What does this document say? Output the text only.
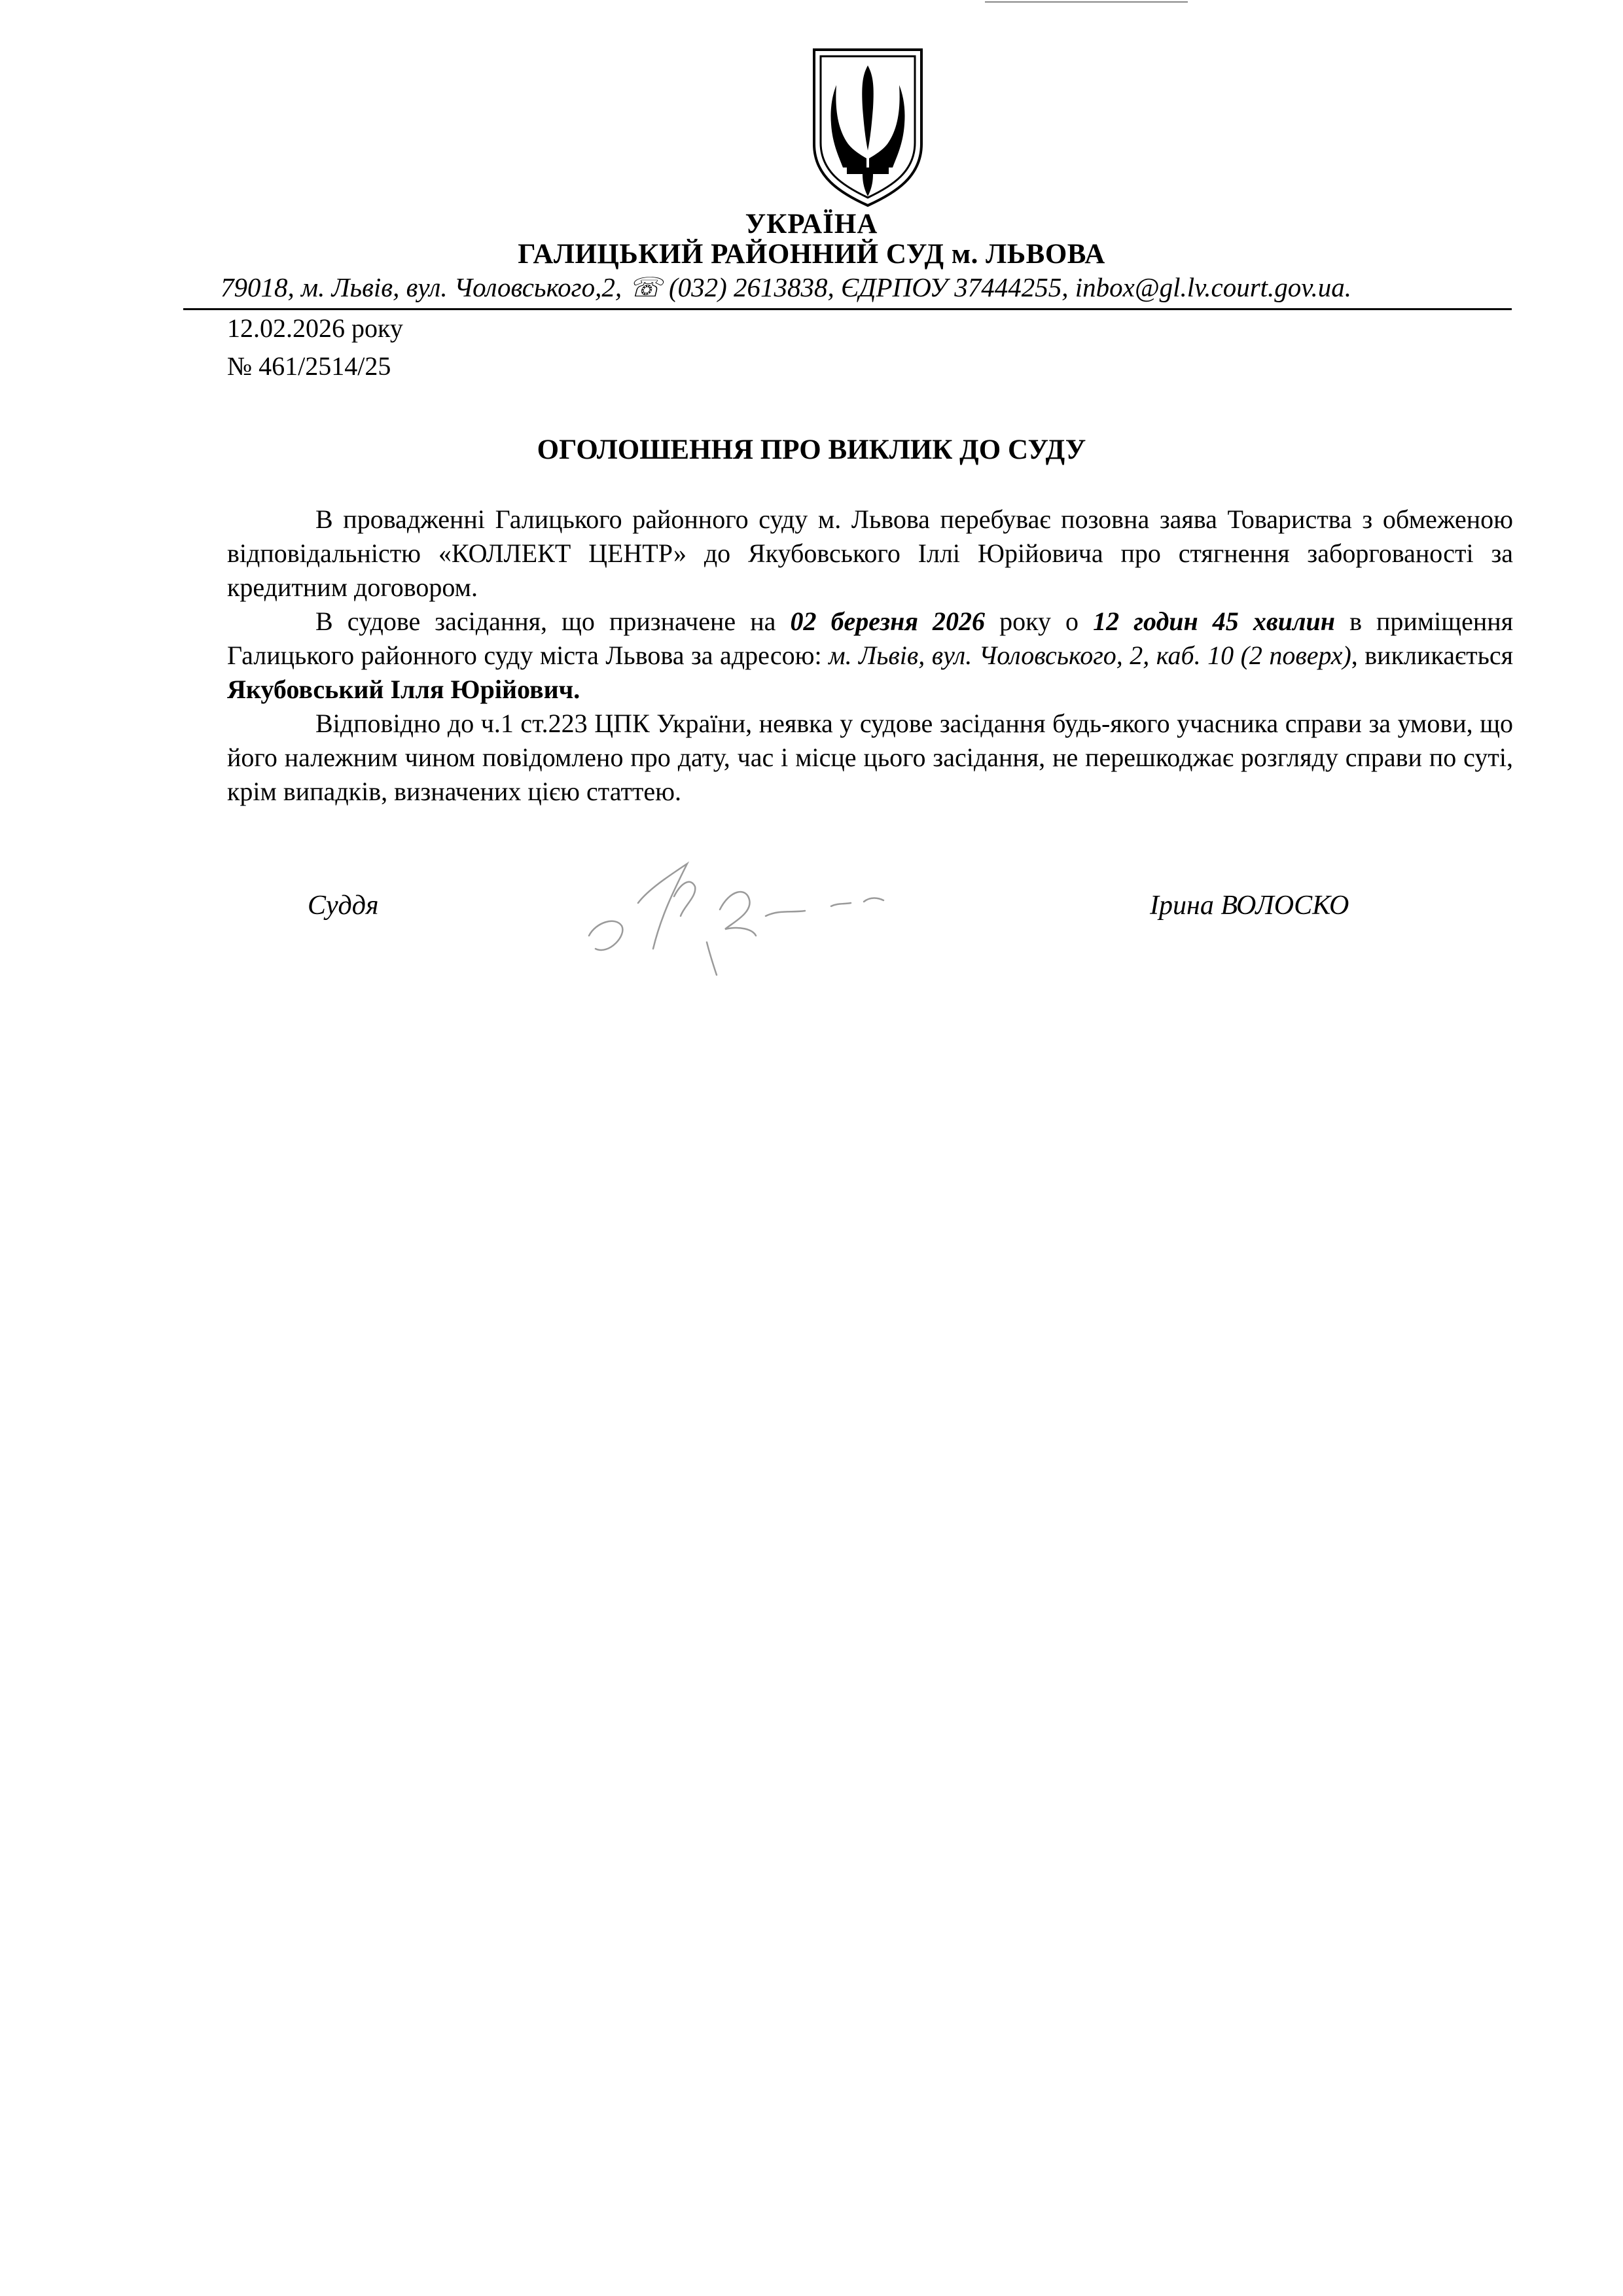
УКРАЇНА
ГАЛИЦЬКИЙ РАЙОННИЙ СУД м. ЛЬВОВА
79018, м. Львів, вул. Чоловського,2, ☏ (032) 2613838, ЄДРПОУ 37444255, inbox@gl.lv.court.gov.ua.
12.02.2026 року
№ 461/2514/25
ОГОЛОШЕННЯ ПРО ВИКЛИК ДО СУДУ
В провадженні Галицького районного суду м. Львова перебуває позовна заява Товариства з обмеженою відповідальністю «КОЛЛЕКТ ЦЕНТР» до Якубовського Іллі Юрійовича про стягнення заборгованості за кредитним договором.
В судове засідання, що призначене на 02 березня 2026 року о 12 годин 45 хвилин в приміщення Галицького районного суду міста Львова за адресою: м. Львів, вул. Чоловського, 2, каб. 10 (2 поверх), викликається Якубовський Ілля Юрійович.
Відповідно до ч.1 ст.223 ЦПК України, неявка у судове засідання будь-якого учасника справи за умови, що його належним чином повідомлено про дату, час і місце цього засідання, не перешкоджає розгляду справи по суті, крім випадків, визначених цією статтею.
Суддя	Ірина ВОЛОСКО
